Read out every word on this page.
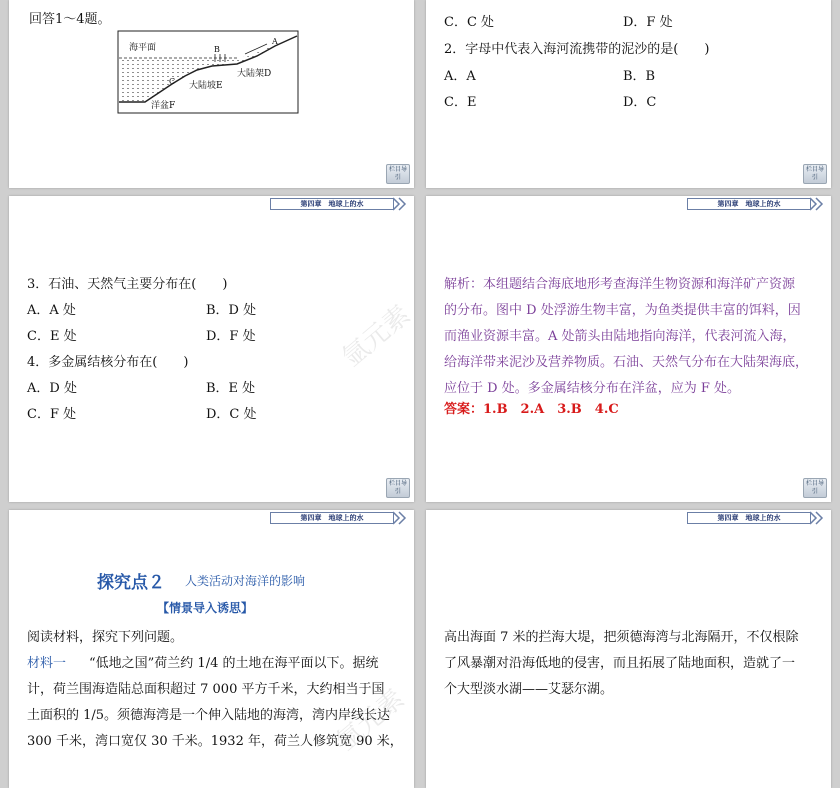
回答1～4题。
海平面
A
B
C
大陆架D
大陆坡E
洋盆F
栏目导引
C．C 处	D．F 处
2．字母中代表入海河流携带的泥沙的是(　　)
A．A	B．B
C．E	D．C
栏目导引
第四章　地球上的水
3．石油、天然气主要分布在(　　)
A．A 处	B．D 处
C．E 处	D．F 处
4．多金属结核分布在(　　)
A．D 处	B．E 处
C．F 处	D．C 处
栏目导引
第四章　地球上的水
解析：本组题结合海底地形考查海洋生物资源和海洋矿产资源
的分布。图中 D 处浮游生物丰富，为鱼类提供丰富的饵料，因
而渔业资源丰富。A 处箭头由陆地指向海洋，代表河流入海，
给海洋带来泥沙及营养物质。石油、天然气分布在大陆架海底，
应位于 D 处。多金属结核分布在洋盆，应为 F 处。
答案：1.B　2.A　3.B　4.C
氩元素
栏目导引
第四章　地球上的水
探究点２ 人类活动对海洋的影响
【情景导入诱思】
阅读材料，探究下列问题。
材料一 “低地之国”荷兰约 1/4 的土地在海平面以下。据统
计，荷兰围海造陆总面积超过 7 000 平方千米，大约相当于国
土面积的 1/5。须德海湾是一个伸入陆地的海湾，湾内岸线长达
300 千米，湾口宽仅 30 千米。1932 年，荷兰人修筑宽 90 米，
第四章　地球上的水
高出海面 7 米的拦海大堤，把须德海湾与北海隔开，不仅根除
了风暴潮对沿海低地的侵害，而且拓展了陆地面积，造就了一
个大型淡水湖——艾瑟尔湖。
氩元素
